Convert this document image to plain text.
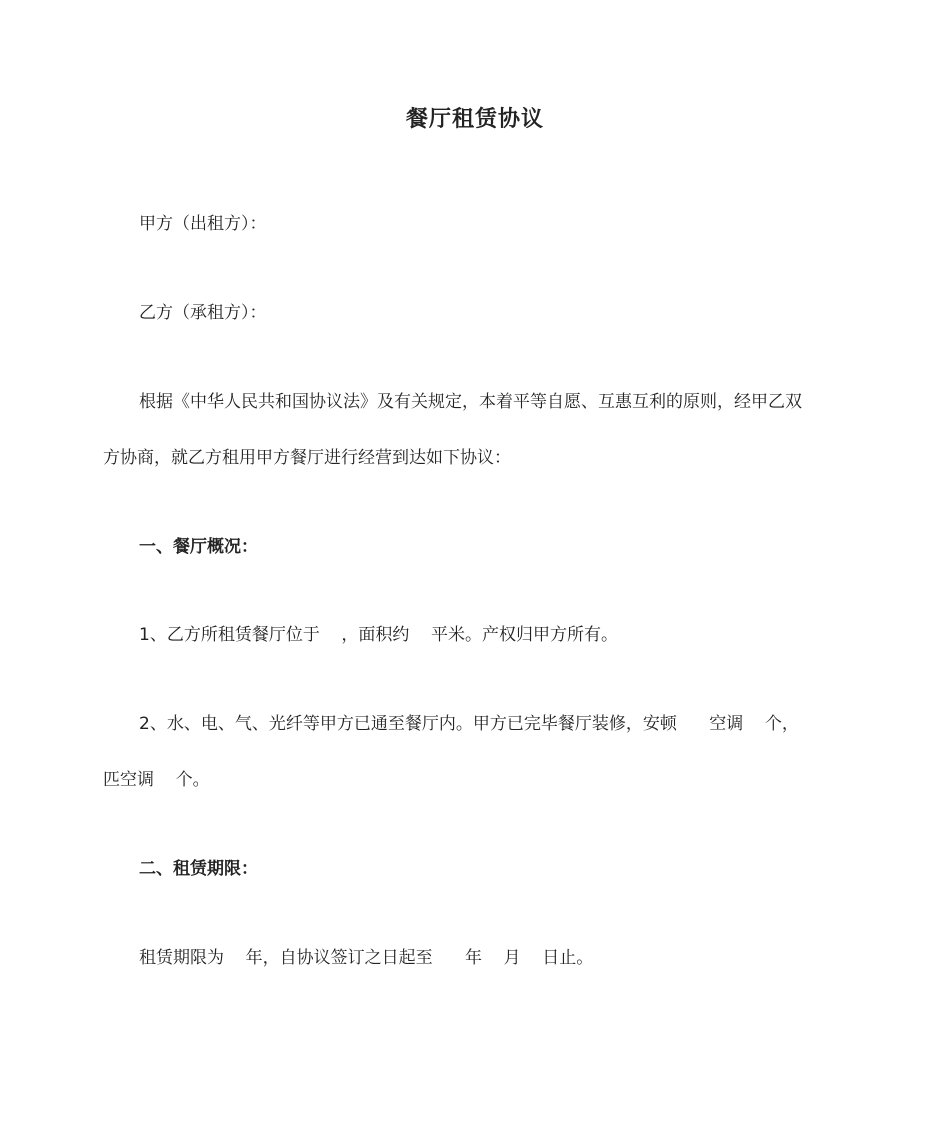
餐厅租赁协议
甲方（出租方）：
乙方（承租方）：
根据《中华人民共和国协议法》及有关规定，本着平等自愿、互惠互利的原则，经甲乙双
方协商，就乙方租用甲方餐厅进行经营到达如下协议：
一、餐厅概况：
1、乙方所租赁餐厅位于    ，面积约    平米。产权归甲方所有。
2、水、电、气、光纤等甲方已通至餐厅内。甲方已完毕餐厅装修，安顿      空调    个，
匹空调    个。
二、租赁期限：
租赁期限为    年，自协议签订之日起至      年    月    日止。
